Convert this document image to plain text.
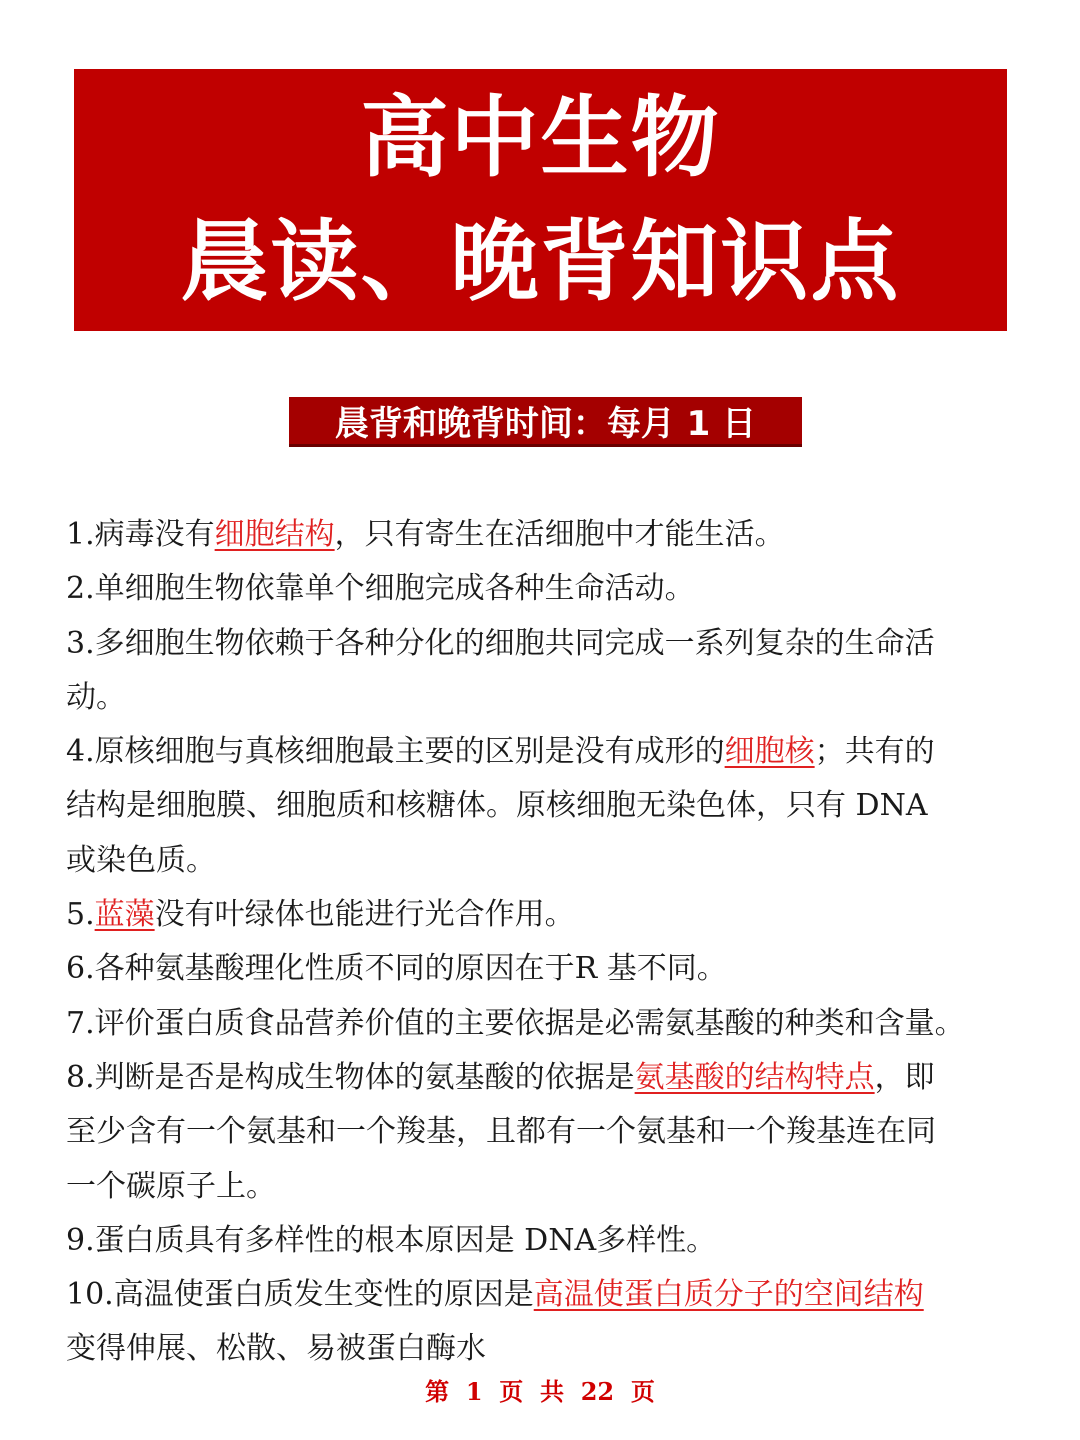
高中生物
晨读、晚背知识点
晨背和晚背时间：每月 1 日
1.病毒没有细胞结构，只有寄生在活细胞中才能生活。
2.单细胞生物依靠单个细胞完成各种生命活动。
3.多细胞生物依赖于各种分化的细胞共同完成一系列复杂的生命活
动。
4.原核细胞与真核细胞最主要的区别是没有成形的细胞核；共有的
结构是细胞膜、细胞质和核糖体。原核细胞无染色体，只有 DNA
或染色质。
5.蓝藻没有叶绿体也能进行光合作用。
6.各种氨基酸理化性质不同的原因在于R 基不同。
7.评价蛋白质食品营养价值的主要依据是必需氨基酸的种类和含量。
8.判断是否是构成生物体的氨基酸的依据是氨基酸的结构特点，即
至少含有一个氨基和一个羧基，且都有一个氨基和一个羧基连在同
一个碳原子上。
9.蛋白质具有多样性的根本原因是 DNA多样性。
10.高温使蛋白质发生变性的原因是高温使蛋白质分子的空间结构
变得伸展、松散、易被蛋白酶水
第  1  页  共  22  页
